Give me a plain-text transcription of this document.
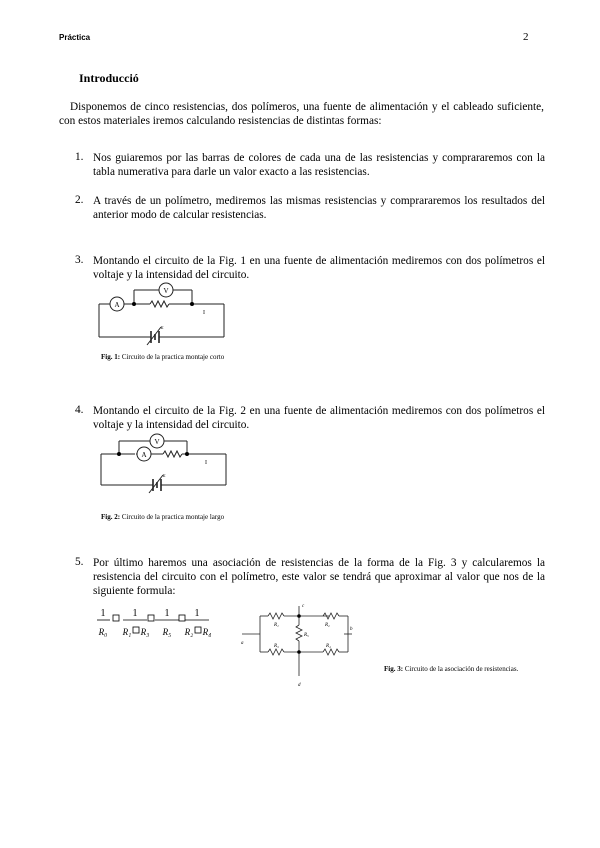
Práctica	2
Introducció
Disponemos de cinco resistencias, dos polímeros, una fuente de alimentación y el cableado suficiente, con estos materiales iremos calculando resistencias de distintas formas:
1. Nos guiaremos por las barras de colores de cada una de las resistencias y comprararemos con la tabla numerativa para darle un valor exacto a las resistencias.
2. A través de un polímetro, mediremos las mismas resistencias y comprararemos los resultados del anterior modo de calcular resistencias.
3. Montando el circuito de la Fig. 1 en una fuente de alimentación mediremos con dos polímetros el voltaje y la intensidad del circuito.
A
V
I
ε
Fig. 1: Circuito de la practica montaje corto
4. Montando el circuito de la Fig. 2 en una fuente de alimentación mediremos con dos polímetros el voltaje y la intensidad del circuito.
A
V
I
ε
Fig. 2: Circuito de la practica montaje largo
5. Por último haremos una asociación de resistencias de la forma de la Fig. 3 y calcularemos la resistencia del circuito con el polímetro, este valor se tendrá que aproximar al valor que nos de la siguiente formula:
1	1	1	1
R₀ R₁ R₃ R₅ R₂ R₄
a
b
c
d
R₁	R₂
R₃	R₄
R₅
Fig. 3: Circuito de la asociación de resistencias.
